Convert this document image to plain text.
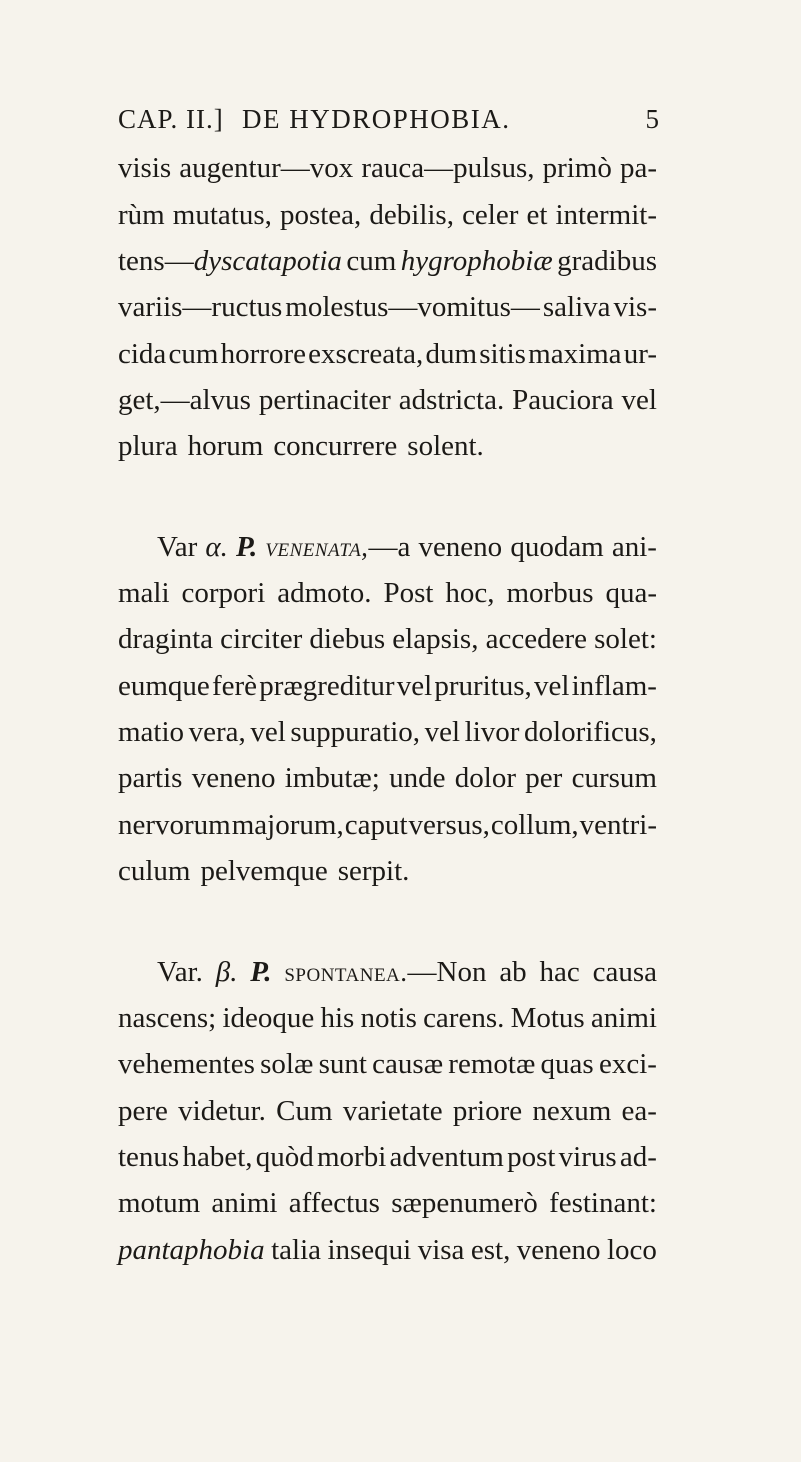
CAP. II.] DE HYDROPHOBIA.	5
visis augentur—vox rauca—pulsus, primò pa-
rùm mutatus, postea, debilis, celer et intermit-
tens—dyscatapotia cum hygrophobiæ gradibus
variis—ructus molestus—vomitus— saliva vis-
cida cum horrore exscreata, dum sitis maxima ur-
get,—alvus pertinaciter adstricta. Pauciora vel
plura horum concurrere solent.
Var α. P. venenata,—a veneno quodam ani-
mali corpori admoto. Post hoc, morbus qua-
draginta circiter diebus elapsis, accedere solet:
eumque ferè prægreditur vel pruritus, vel inflam-
matio vera, vel suppuratio, vel livor dolorificus,
partis veneno imbutæ; unde dolor per cursum
nervorum majorum, caput versus, collum, ventri-
culum pelvemque serpit.
Var. β. P. spontanea.—Non ab hac causa
nascens; ideoque his notis carens. Motus animi
vehementes solæ sunt causæ remotæ quas exci-
pere videtur. Cum varietate priore nexum ea-
tenus habet, quòd morbi adventum post virus ad-
motum animi affectus sæpenumerò festinant:
pantaphobia talia insequi visa est, veneno loco
